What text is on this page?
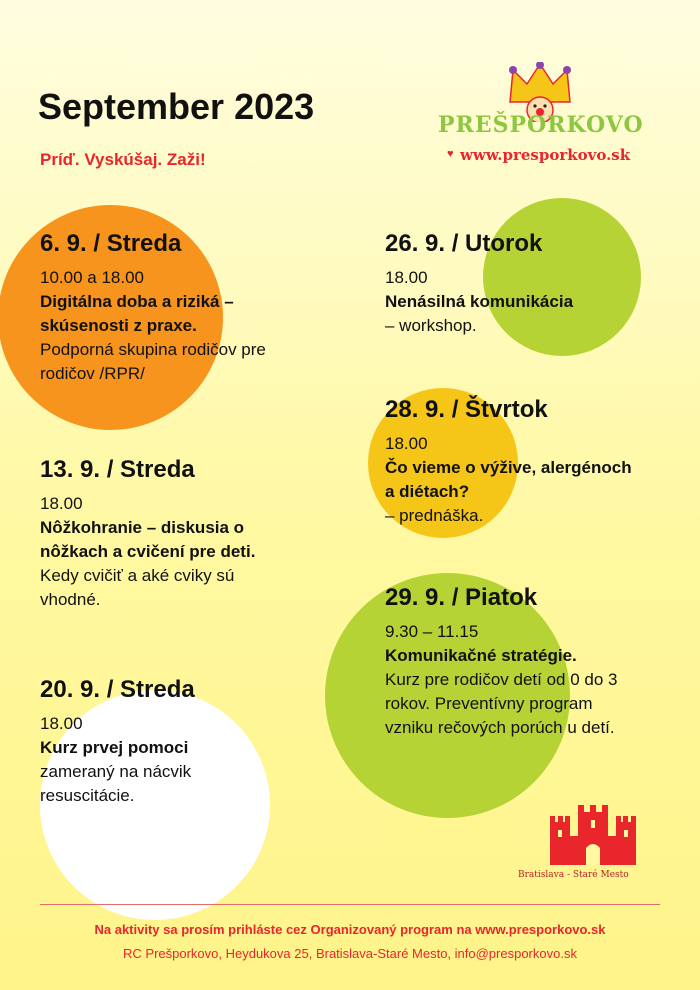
September 2023
Príď. Vyskúšaj. Zaži!
PREŠPORKOVO
♥ www.presporkovo.sk
6. 9. / Streda
10.00 a 18.00
Digitálna doba a riziká – skúsenosti z praxe.
Podporná skupina rodičov pre rodičov /RPR/
13. 9. / Streda
18.00
Nôžkohranie – diskusia o nôžkach a cvičení pre deti.
Kedy cvičiť a aké cviky sú vhodné.
20. 9. / Streda
18.00
Kurz prvej pomoci
zameraný na nácvik resuscitácie.
26. 9. / Utorok
18.00
Nenásilná komunikácia
– workshop.
28. 9. / Štvrtok
18.00
Čo vieme o výžive, alergénoch a diétach?
– prednáška.
29. 9. / Piatok
9.30 – 11.15
Komunikačné stratégie.
Kurz pre rodičov detí od 0 do 3 rokov. Preventívny program vzniku rečových porúch u detí.
Bratislava - Staré Mesto
Na aktivity sa prosím prihláste cez Organizovaný program na www.presporkovo.sk
RC Prešporkovo, Heydukova 25, Bratislava-Staré Mesto, info@presporkovo.sk
